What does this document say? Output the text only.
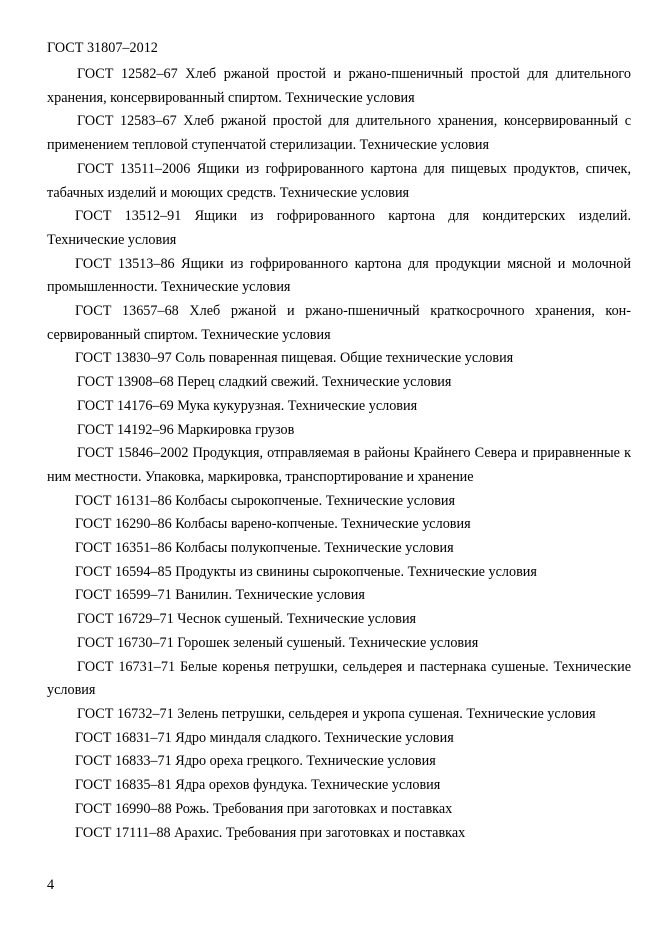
ГОСТ 31807–2012

ГОСТ 12582–67 Хлеб ржаной простой и ржано-пшеничный простой для длительного хранения, консервированный спиртом. Технические условия

ГОСТ 12583–67 Хлеб ржаной простой для длительного хранения, консервированный с применением тепловой ступенчатой стерилизации. Технические условия

ГОСТ 13511–2006 Ящики из гофрированного картона для пищевых продуктов, спичек, табачных изделий и моющих средств. Технические условия

ГОСТ 13512–91 Ящики из гофрированного картона для кондитерских изделий. Технические условия

ГОСТ 13513–86 Ящики из гофрированного картона для продукции мясной и молочной промышленности. Технические условия

ГОСТ 13657–68 Хлеб ржаной и ржано-пшеничный краткосрочного хранения, консервированный спиртом. Технические условия

ГОСТ 13830–97 Соль поваренная пищевая. Общие технические условия

ГОСТ 13908–68 Перец сладкий свежий. Технические условия

ГОСТ 14176–69 Мука кукурузная. Технические условия

ГОСТ 14192–96 Маркировка грузов

ГОСТ 15846–2002 Продукция, отправляемая в районы Крайнего Севера и приравненные к ним местности. Упаковка, маркировка, транспортирование и хранение

ГОСТ 16131–86 Колбасы сырокопченые. Технические условия

ГОСТ 16290–86 Колбасы варено-копченые. Технические условия

ГОСТ 16351–86 Колбасы полукопченые. Технические условия

ГОСТ 16594–85 Продукты из свинины сырокопченые. Технические условия

ГОСТ 16599–71 Ванилин. Технические условия

ГОСТ 16729–71 Чеснок сушеный. Технические условия

ГОСТ 16730–71 Горошек зеленый сушеный. Технические условия

ГОСТ 16731–71 Белые коренья петрушки, сельдерея и пастернака сушеные. Технические условия

ГОСТ 16732–71 Зелень петрушки, сельдерея и укропа сушеная. Технические условия

ГОСТ 16831–71 Ядро миндаля сладкого. Технические условия

ГОСТ 16833–71 Ядро ореха грецкого. Технические условия

ГОСТ 16835–81 Ядра орехов фундука. Технические условия

ГОСТ 16990–88 Рожь. Требования при заготовках и поставках

ГОСТ 17111–88 Арахис. Требования при заготовках и поставках

4
